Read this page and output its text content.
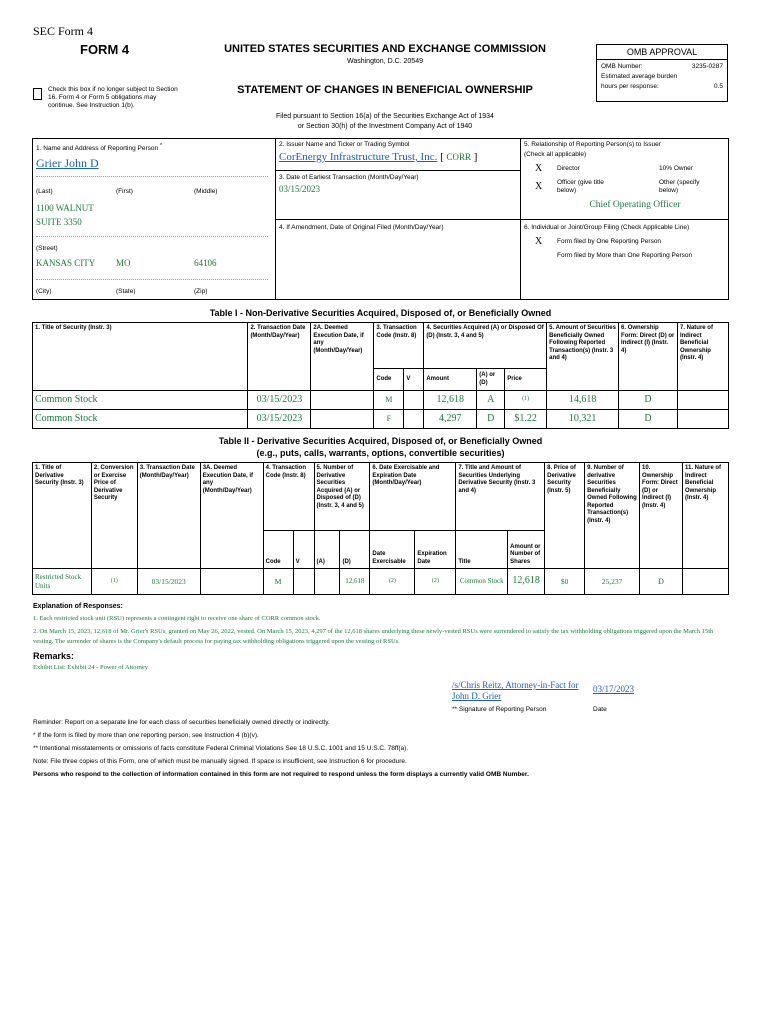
SEC Form 4
FORM 4
Check this box if no longer subject to Section 16. Form 4 or Form 5 obligations may continue. See Instruction 1(b).
UNITED STATES SECURITIES AND EXCHANGE COMMISSION
Washington, D.C. 20549
STATEMENT OF CHANGES IN BENEFICIAL OWNERSHIP
Filed pursuant to Section 16(a) of the Securities Exchange Act of 1934
or Section 30(h) of the Investment Company Act of 1940
OMB APPROVAL
OMB Number:	3235-0287
Estimated average burden
hours per response:	0.5
1. Name and Address of Reporting Person *
Grier John D
(Last)	(First)	(Middle)
1100 WALNUT
SUITE 3350
(Street)
KANSAS CITY MO	64106
(City)	(State)	(Zip)
2. Issuer Name and Ticker or Trading Symbol
CorEnergy Infrastructure Trust, Inc. [ CORR ]
3. Date of Earliest Transaction (Month/Day/Year)
03/15/2023
4. If Amendment, Date of Original Filed (Month/Day/Year)
5. Relationship of Reporting Person(s) to Issuer
(Check all applicable)
X Director	10% Owner
X Officer (give title
below)
Other (specify
below)
Chief Operating Officer
6. Individual or Joint/Group Filing (Check Applicable Line)
X Form filed by One Reporting Person
Form filed by More than One Reporting Person
Table I - Non-Derivative Securities Acquired, Disposed of, or Beneficially Owned
1. Title of Security (Instr. 3)	2. Transaction Date (Month/Day/Year)	2A. Deemed Execution Date, if any (Month/Day/Year)	3. Transaction Code (Instr. 8)		4. Securities Acquired (A) or Disposed Of (D) (Instr. 3, 4 and 5)			5. Amount of Securities Beneficially Owned Following Reported Transaction(s) (Instr. 3 and 4)	6. Ownership Form: Direct (D) or Indirect (I) (Instr. 4)	7. Nature of Indirect Beneficial Ownership (Instr. 4)
			Code	V	Amount	(A) or (D)	Price			
Common Stock	03/15/2023		M		12,618	A	(1)	14,618	D	
Common Stock	03/15/2023		F		4,297	D	$1.22	10,321	D	
Table II - Derivative Securities Acquired, Disposed of, or Beneficially Owned
(e.g., puts, calls, warrants, options, convertible securities)
1. Title of Derivative Security (Instr. 3)	2. Conversion or Exercise Price of Derivative Security	3. Transaction Date (Month/Day/Year)	3A. Deemed Execution Date, if any (Month/Day/Year)	4. Transaction Code (Instr. 8)		5. Number of Derivative Securities Acquired (A) or Disposed of (D) (Instr. 3, 4 and 5)		6. Date Exercisable and Expiration Date (Month/Day/Year)		7. Title and Amount of Securities Underlying Derivative Security (Instr. 3 and 4)		8. Price of Derivative Security (Instr. 5)	9. Number of derivative Securities Beneficially Owned Following Reported Transaction(s) (Instr. 4)	10. Ownership Form: Direct (D) or Indirect (I) (Instr. 4)	11. Nature of Indirect Beneficial Ownership (Instr. 4)
				Code	V	(A)	(D)	Date Exercisable	Expiration Date	Title	Amount or Number of Shares				
Restricted Stock Units	(1)	03/15/2023		M			12,618	(2)	(2)	Common Stock	12,618	$0	25,237	D	
Explanation of Responses:
1. Each restricted stock unit (RSU) represents a contingent right to receive one share of CORR common stock.
2. On March 15, 2023, 12,618 of Mr. Grier's RSUs, granted on May 26, 2022, vested. On March 15, 2023, 4,297 of the 12,618 shares underlying these newly-vested RSUs were surrendered to satisfy the tax withholding obligations triggered upon the March 15th vesting. The surrender of shares is the Company's default process for paying tax withholding obligations triggered upon the vesting of RSUs.
Remarks:
Exhibit List: Exhibit 24 - Power of Attorney
/s/Chris Reitz, Attorney-in-Fact for
John D. Grier
03/17/2023
** Signature of Reporting Person	Date
Reminder: Report on a separate line for each class of securities beneficially owned directly or indirectly.
* If the form is filed by more than one reporting person, see Instruction 4 (b)(v).
** Intentional misstatements or omissions of facts constitute Federal Criminal Violations See 18 U.S.C. 1001 and 15 U.S.C. 78ff(a).
Note: File three copies of this Form, one of which must be manually signed. If space is insufficient, see Instruction 6 for procedure.
Persons who respond to the collection of information contained in this form are not required to respond unless the form displays a currently valid OMB Number.
